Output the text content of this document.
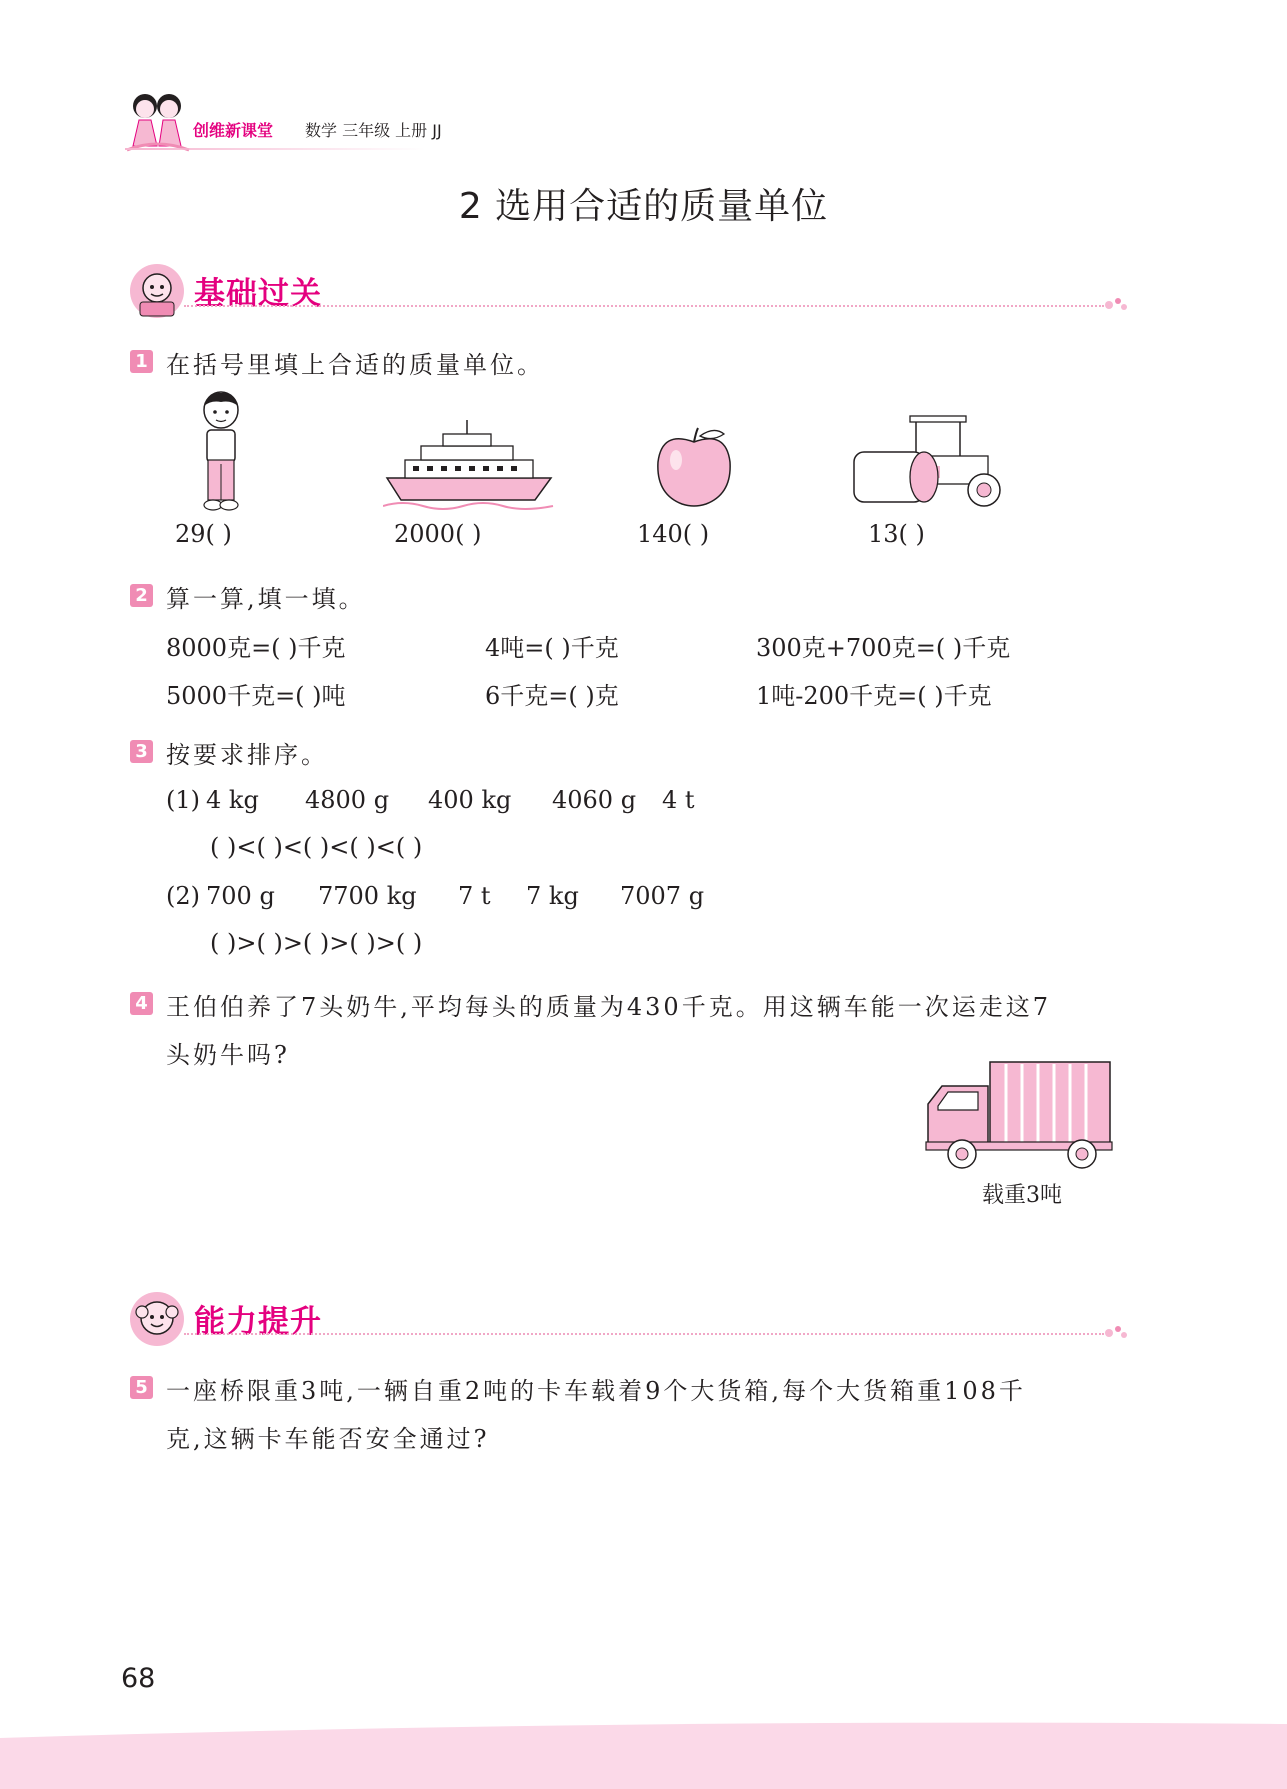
创维新课堂 数学 三年级 上册 JJ
2 选用合适的质量单位
基础过关
1 在括号里填上合适的质量单位。
29( )	2000( )	140( )	13( )
2 算一算,填一填。
8000克=( )千克	4吨=( )千克	300克+700克=( )千克
5000千克=( )吨	6千克=( )克	1吨-200千克=( )千克
3 按要求排序。
(1) 4 kg 4800 g 400 kg 4060 g 4 t
( )<( )<( )<( )<( )
(2) 700 g 7700 kg 7 t 7 kg 7007 g
( )>( )>( )>( )>( )
4 王伯伯养了7头奶牛,平均每头的质量为430千克。用这辆车能一次运走这7
头奶牛吗?
载重3吨
能力提升
5 一座桥限重3吨,一辆自重2吨的卡车载着9个大货箱,每个大货箱重108千
克,这辆卡车能否安全通过?
68
